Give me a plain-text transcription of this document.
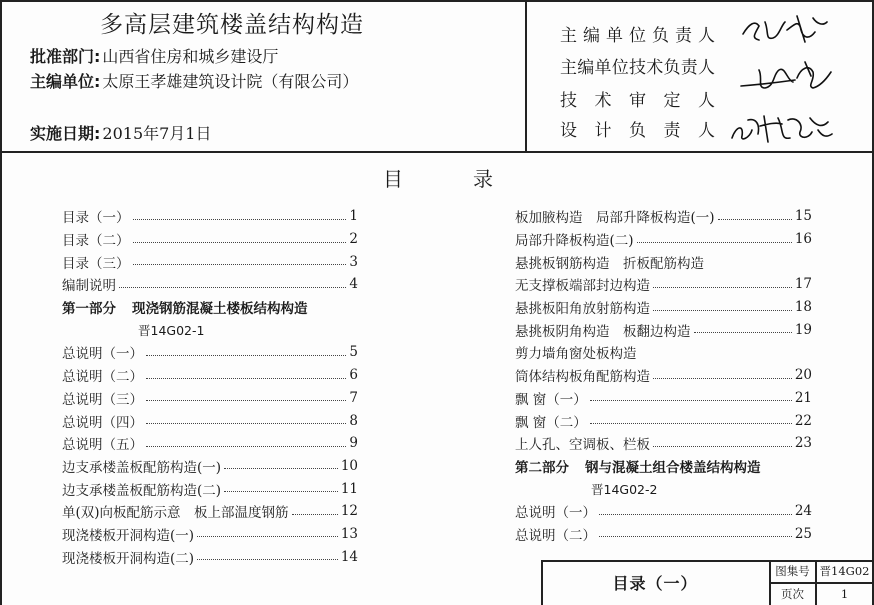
多高层建筑楼盖结构构造
批准部门: 山西省住房和城乡建设厅
主编单位: 太原王孝雄建筑设计院（有限公司）
实施日期: 2015年7月1日
主 编 单 位 负 责 人
主 编 单 位 技 术 负 责 人
技 术 审 定 人
设 计 负 责 人
目	录
目录（一）	1
目录（二）	2
目录（三）	3
编制说明	4
第一部分 现浇钢筋混凝土楼板结构构造
晋14G02-1
总说明（一）	5
总说明（二）	6
总说明（三）	7
总说明（四）	8
总说明（五）	9
边支承楼盖板配筋构造(一)	10
边支承楼盖板配筋构造(二)	11
单(双)向板配筋示意　板上部温度钢筋	12
现浇楼板开洞构造(一)	13
现浇楼板开洞构造(二)	14
板加腋构造　局部升降板构造(一)	15
局部升降板构造(二)	16
悬挑板钢筋构造　折板配筋构造
无支撑板端部封边构造	17
悬挑板阳角放射筋构造	18
悬挑板阴角构造　板翻边构造	19
剪力墙角窗处板构造
筒体结构板角配筋构造	20
飘 窗（一）	21
飘 窗（二）	22
上人孔、空调板、栏板	23
第二部分 钢与混凝土组合楼盖结构构造
晋14G02-2
总说明（一）	24
总说明（二）	25
目录（一）
图集号 晋14G02
页次	1
